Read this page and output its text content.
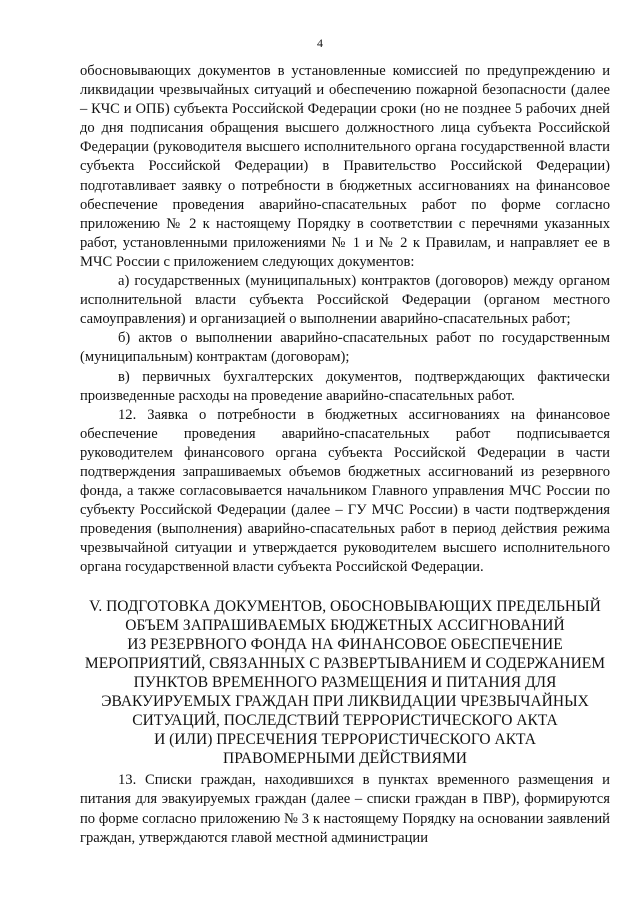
4

обосновывающих документов в установленные комиссией по предупреждению и ликвидации чрезвычайных ситуаций и обеспечению пожарной безопасности (далее – КЧС и ОПБ) субъекта Российской Федерации сроки (но не позднее 5 рабочих дней до дня подписания обращения высшего должностного лица субъекта Российской Федерации (руководителя высшего исполнительного органа государственной власти субъекта Российской Федерации) в Правительство Российской Федерации) подготавливает заявку о потребности в бюджетных ассигнованиях на финансовое обеспечение проведения аварийно-спасательных работ по форме согласно приложению № 2 к настоящему Порядку в соответствии с перечнями указанных работ, установленными приложениями № 1 и № 2 к Правилам, и направляет ее в МЧС России с приложением следующих документов:

а) государственных (муниципальных) контрактов (договоров) между органом исполнительной власти субъекта Российской Федерации (органом местного самоуправления) и организацией о выполнении аварийно-спасательных работ;

б) актов о выполнении аварийно-спасательных работ по государственным (муниципальным) контрактам (договорам);

в) первичных бухгалтерских документов, подтверждающих фактически произведенные расходы на проведение аварийно-спасательных работ.

12. Заявка о потребности в бюджетных ассигнованиях на финансовое обеспечение проведения аварийно-спасательных работ подписывается руководителем финансового органа субъекта Российской Федерации в части подтверждения запрашиваемых объемов бюджетных ассигнований из резервного фонда, а также согласовывается начальником Главного управления МЧС России по субъекту Российской Федерации (далее – ГУ МЧС России) в части подтверждения проведения (выполнения) аварийно-спасательных работ в период действия режима чрезвычайной ситуации и утверждается руководителем высшего исполнительного органа государственной власти субъекта Российской Федерации.

V. ПОДГОТОВКА ДОКУМЕНТОВ, ОБОСНОВЫВАЮЩИХ ПРЕДЕЛЬНЫЙ
ОБЪЕМ ЗАПРАШИВАЕМЫХ БЮДЖЕТНЫХ АССИГНОВАНИЙ
ИЗ РЕЗЕРВНОГО ФОНДА НА ФИНАНСОВОЕ ОБЕСПЕЧЕНИЕ
МЕРОПРИЯТИЙ, СВЯЗАННЫХ С РАЗВЕРТЫВАНИЕМ И СОДЕРЖАНИЕМ
ПУНКТОВ ВРЕМЕННОГО РАЗМЕЩЕНИЯ И ПИТАНИЯ ДЛЯ
ЭВАКУИРУЕМЫХ ГРАЖДАН ПРИ ЛИКВИДАЦИИ ЧРЕЗВЫЧАЙНЫХ
СИТУАЦИЙ, ПОСЛЕДСТВИЙ ТЕРРОРИСТИЧЕСКОГО АКТА
И (ИЛИ) ПРЕСЕЧЕНИЯ ТЕРРОРИСТИЧЕСКОГО АКТА
ПРАВОМЕРНЫМИ ДЕЙСТВИЯМИ

13. Списки граждан, находившихся в пунктах временного размещения и питания для эвакуируемых граждан (далее – списки граждан в ПВР), формируются по форме согласно приложению № 3 к настоящему Порядку на основании заявлений граждан, утверждаются главой местной администрации
